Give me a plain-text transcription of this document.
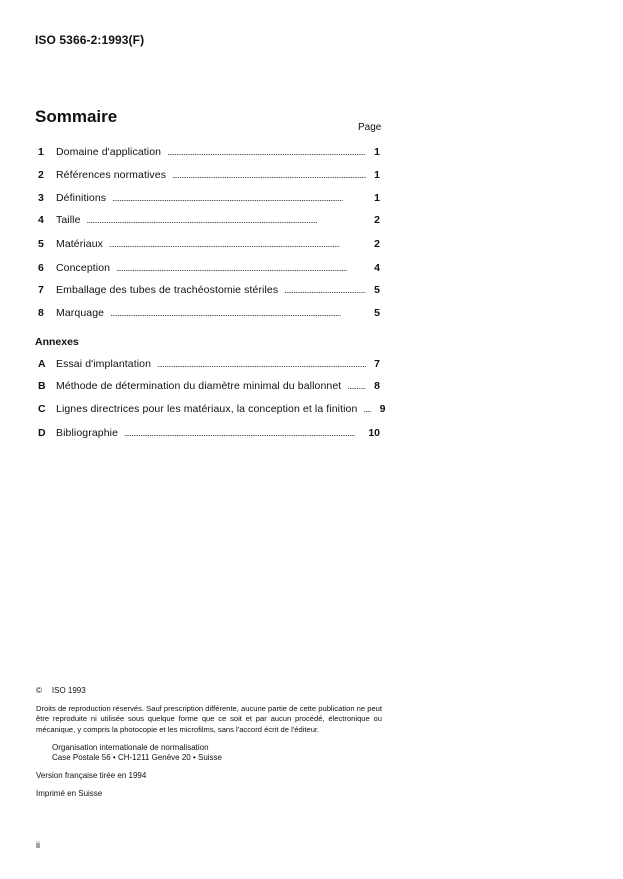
ISO 5366-2:1993(F)
Sommaire
Page
1	Domaine d'application . . .	1
2	Références normatives . . .	1
3	Définitions . . .	1
4	Taille . . .	2
5	Matériaux . . .	2
6	Conception . . .	4
7	Emballage des tubes de trachéostomie stériles . . .	5
8	Marquage . . .	5
Annexes
A Essai d'implantation . . .	7
B Méthode de détermination du diamètre minimal du ballonnet . . .	8
C Lignes directrices pour les matériaux, la conception et la finition . . .	9
D Bibliographie . . .	10
© ISO 1993

Droits de reproduction réservés. Sauf prescription différente, aucune partie de cette publication ne peut être reproduite ni utilisée sous quelque forme que ce soit et par aucun procédé, électronique ou mécanique, y compris la photocopie et les microfilms, sans l'accord écrit de l'éditeur.

Organisation internationale de normalisation
Case Postale 56 • CH-1211 Genève 20 • Suisse
Version française tirée en 1994
Imprimé en Suisse
ii
